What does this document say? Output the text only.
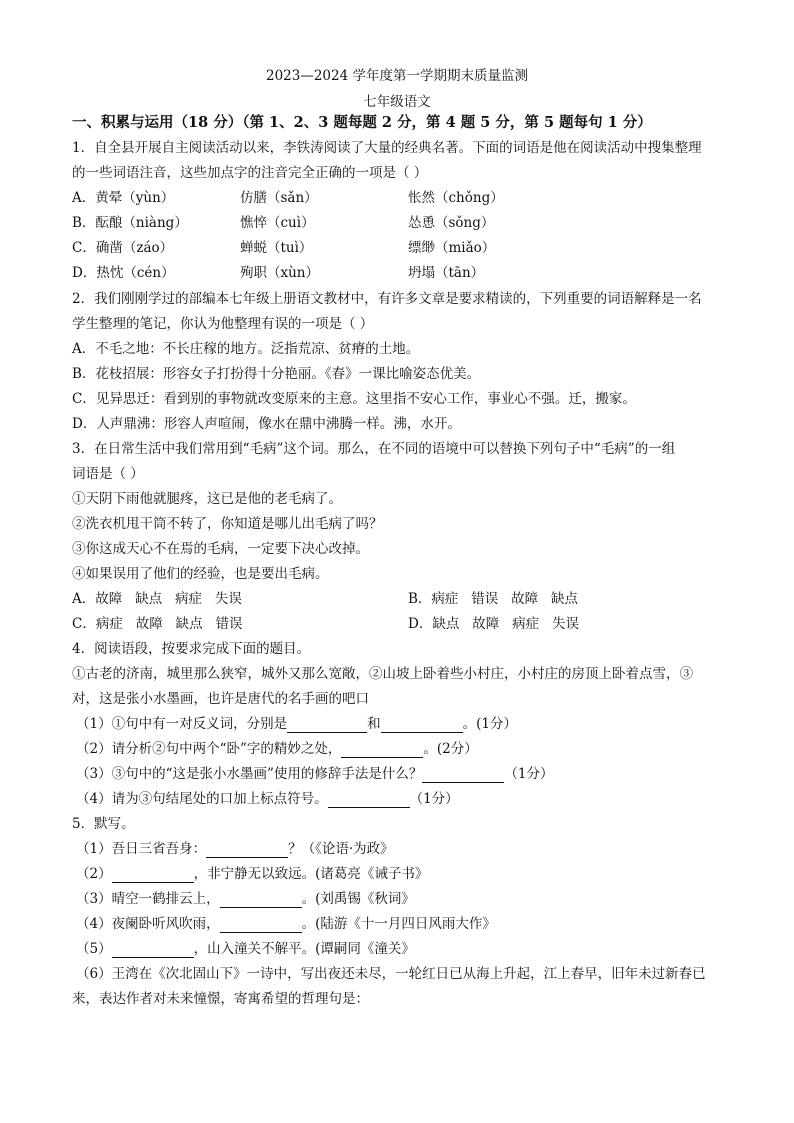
2023—2024 学年度第一学期期末质量监测
七年级语文
一、积累与运用（18 分）（第 1、2、3 题每题 2 分，第 4 题 5 分，第 5 题每句 1 分）
1．自全县开展自主阅读活动以来，李铁涛阅读了大量的经典名著。下面的词语是他在阅读活动中搜集整理
的一些词语注音，这些加点字的注音完全正确的一项是（ ）
A．黄晕（yùn）	仿膳（sǎn）	怅然（chǒng）
B．酝酿（niàng）	憔悴（cuì）	怂恿（sǒng）
C．确凿（záo）	蝉蜕（tuì）	缥缈（miǎo）
D．热忱（cén）	殉职（xùn）	坍塌（tān）
2．我们刚刚学过的部编本七年级上册语文教材中，有许多文章是要求精读的，下列重要的词语解释是一名
学生整理的笔记，你认为他整理有误的一项是（ ）
A．不毛之地：不长庄稼的地方。泛指荒凉、贫瘠的土地。
B．花枝招展：形容女子打扮得十分艳丽。《春》一课比喻姿态优美。
C．见异思迁：看到别的事物就改变原来的主意。这里指不安心工作，事业心不强。迁，搬家。
D．人声鼎沸：形容人声喧闹，像水在鼎中沸腾一样。沸，水开。
3．在日常生活中我们常用到“毛病”这个词。那么，在不同的语境中可以替换下列句子中“毛病”的一组
词语是（ ）
①天阴下雨他就腿疼，这已是他的老毛病了。
②洗衣机甩干筒不转了，你知道是哪儿出毛病了吗？
③你这成天心不在焉的毛病，一定要下决心改掉。
④如果误用了他们的经验，也是要出毛病。
A．故障   缺点   病症   失误	B．病症   错误   故障   缺点
C．病症   故障   缺点   错误	D．缺点   故障   病症   失误
4．阅读语段，按要求完成下面的题目。
①古老的济南，城里那么狭窄，城外又那么宽敞，②山坡上卧着些小村庄，小村庄的房顶上卧着点雪，③
对，这是张小水墨画，也许是唐代的名手画的吧口
（1）①句中有一对反义词，分别是	和	。(1分）
（2）请分析②句中两个“卧”字的精妙之处，	。(2分）
（3）③句中的“这是张小水墨画”使用的修辞手法是什么？	（1分）
（4）请为③句结尾处的口加上标点符号。	（1分）
5．默写。
（1）吾日三省吾身：	？（《论语·为政》
（2）	，非宁静无以致远。(诸葛亮《诫子书》
（3）晴空一鹤排云上，	。(刘禹锡《秋词》
（4）夜阑卧听风吹雨，	。(陆游《十一月四日风雨大作》
（5）	，山入潼关不解平。(谭嗣同《潼关》
（6）王湾在《次北固山下》一诗中，写出夜还未尽，一轮红日已从海上升起，江上春早，旧年未过新春已
来，表达作者对未来憧憬，寄寓希望的哲理句是：
